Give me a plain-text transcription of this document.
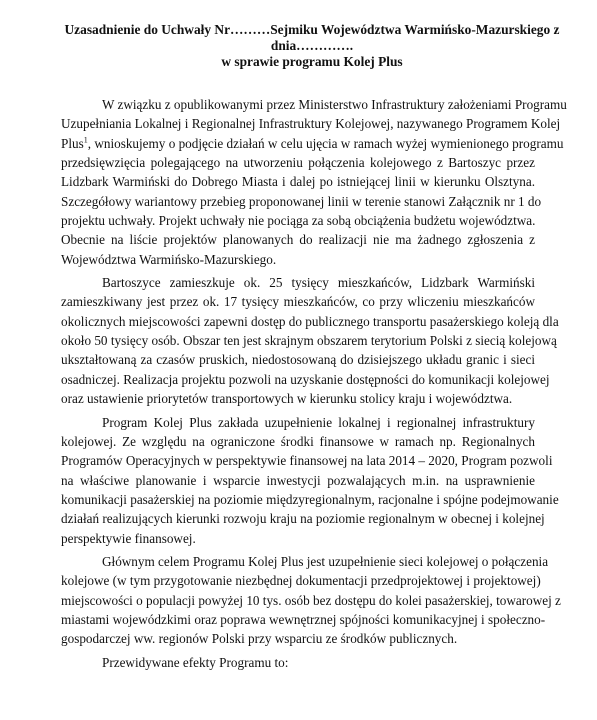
Uzasadnienie do Uchwały Nr………Sejmiku Województwa Warmińsko-Mazurskiego z
dnia………….
w sprawie programu Kolej Plus
W związku z opublikowanymi przez Ministerstwo Infrastruktury założeniami Programu
Uzupełniania Lokalnej i Regionalnej Infrastruktury Kolejowej, nazywanego Programem Kolej
Plus$^1$, wnioskujemy o podjęcie działań w celu ujęcia w ramach wyżej wymienionego programu
przedsięwzięcia polegającego na utworzeniu połączenia kolejowego z Bartoszyc przez
Lidzbark Warmiński do Dobrego Miasta i dalej po istniejącej linii w kierunku Olsztyna.
Szczegółowy wariantowy przebieg proponowanej linii w terenie stanowi Załącznik nr 1 do
projektu uchwały. Projekt uchwały nie pociąga za sobą obciążenia budżetu województwa.
Obecnie na liście projektów planowanych do realizacji nie ma żadnego zgłoszenia z
Województwa Warmińsko-Mazurskiego.
Bartoszyce zamieszkuje ok. 25 tysięcy mieszkańców, Lidzbark Warmiński
zamieszkiwany jest przez ok. 17 tysięcy mieszkańców, co przy wliczeniu mieszkańców
okolicznych miejscowości zapewni dostęp do publicznego transportu pasażerskiego koleją dla
około 50 tysięcy osób. Obszar ten jest skrajnym obszarem terytorium Polski z siecią kolejową
ukształtowaną za czasów pruskich, niedostosowaną do dzisiejszego układu granic i sieci
osadniczej. Realizacja projektu pozwoli na uzyskanie dostępności do komunikacji kolejowej
oraz ustawienie priorytetów transportowych w kierunku stolicy kraju i województwa.
Program Kolej Plus zakłada uzupełnienie lokalnej i regionalnej infrastruktury
kolejowej. Ze względu na ograniczone środki finansowe w ramach np. Regionalnych
Programów Operacyjnych w perspektywie finansowej na lata 2014 – 2020, Program pozwoli
na właściwe planowanie i wsparcie inwestycji pozwalających m.in. na usprawnienie
komunikacji pasażerskiej na poziomie międzyregionalnym, racjonalne i spójne podejmowanie
działań realizujących kierunki rozwoju kraju na poziomie regionalnym w obecnej i kolejnej
perspektywie finansowej.
Głównym celem Programu Kolej Plus jest uzupełnienie sieci kolejowej o połączenia
kolejowe (w tym przygotowanie niezbędnej dokumentacji przedprojektowej i projektowej)
miejscowości o populacji powyżej 10 tys. osób bez dostępu do kolei pasażerskiej, towarowej z
miastami wojewódzkimi oraz poprawa wewnętrznej spójności komunikacyjnej i społeczno-
gospodarczej ww. regionów Polski przy wsparciu ze środków publicznych.
Przewidywane efekty Programu to:
